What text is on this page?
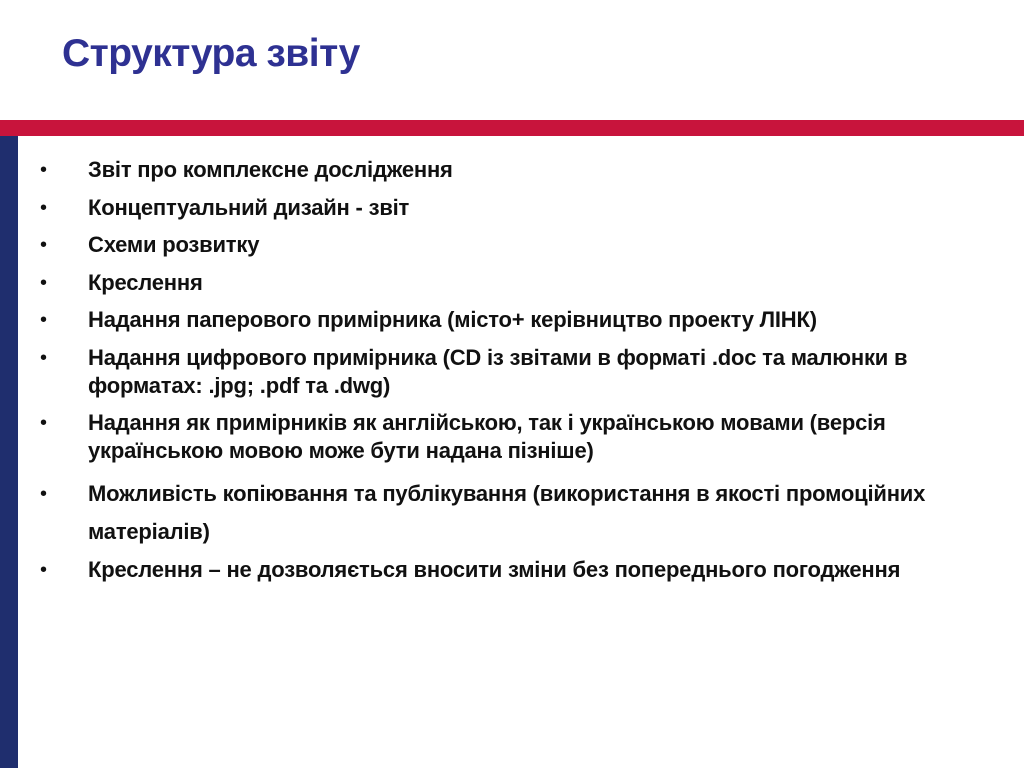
Структура звіту
• Звіт про комплексне дослідження
• Концептуальний дизайн - звіт
• Схеми розвитку
• Креслення
• Надання паперового примірника (місто+ керівництво проекту ЛІНК)
• Надання цифрового примірника (CD із звітами в форматі .doc та малюнки в форматах: .jpg; .pdf та .dwg)
• Надання як примірників як англійською, так і українською мовами (версія українською мовою може бути надана пізніше)
• Можливість копіювання та публікування (використання в якості промоційних матеріалів)
• Креслення – не дозволяється вносити зміни без попереднього погодження
